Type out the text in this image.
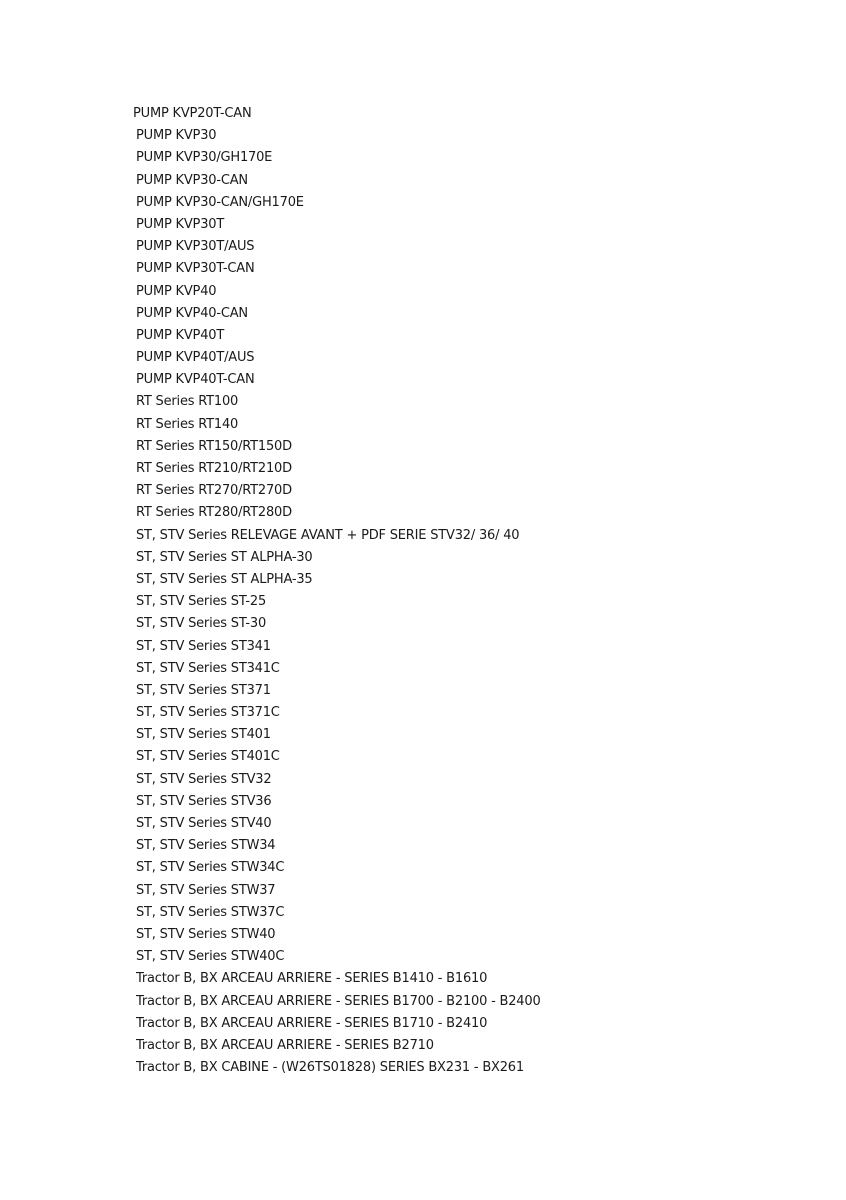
PUMP KVP20T-CAN
PUMP KVP30
PUMP KVP30/GH170E
PUMP KVP30-CAN
PUMP KVP30-CAN/GH170E
PUMP KVP30T
PUMP KVP30T/AUS
PUMP KVP30T-CAN
PUMP KVP40
PUMP KVP40-CAN
PUMP KVP40T
PUMP KVP40T/AUS
PUMP KVP40T-CAN
RT Series RT100
RT Series RT140
RT Series RT150/RT150D
RT Series RT210/RT210D
RT Series RT270/RT270D
RT Series RT280/RT280D
ST, STV Series RELEVAGE AVANT + PDF SERIE STV32/ 36/ 40
ST, STV Series ST ALPHA-30
ST, STV Series ST ALPHA-35
ST, STV Series ST-25
ST, STV Series ST-30
ST, STV Series ST341
ST, STV Series ST341C
ST, STV Series ST371
ST, STV Series ST371C
ST, STV Series ST401
ST, STV Series ST401C
ST, STV Series STV32
ST, STV Series STV36
ST, STV Series STV40
ST, STV Series STW34
ST, STV Series STW34C
ST, STV Series STW37
ST, STV Series STW37C
ST, STV Series STW40
ST, STV Series STW40C
Tractor B, BX ARCEAU ARRIERE - SERIES B1410 - B1610
Tractor B, BX ARCEAU ARRIERE - SERIES B1700 - B2100 - B2400
Tractor B, BX ARCEAU ARRIERE - SERIES B1710 - B2410
Tractor B, BX ARCEAU ARRIERE - SERIES B2710
Tractor B, BX CABINE - (W26TS01828) SERIES BX231 - BX261
